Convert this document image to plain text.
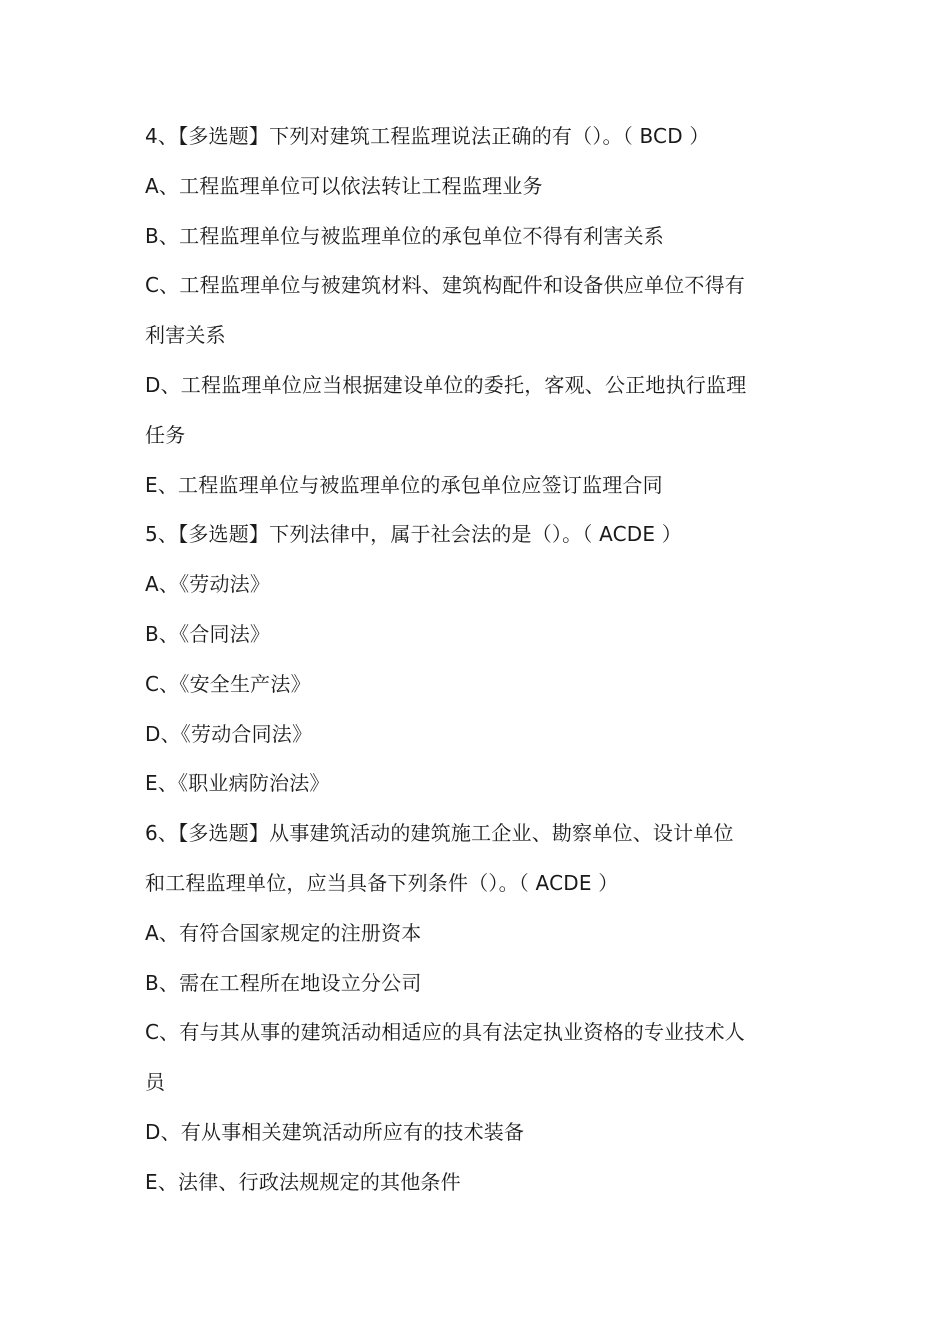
4、【多选题】下列对建筑工程监理说法正确的有（）。（ BCD ）
A、工程监理单位可以依法转让工程监理业务
B、工程监理单位与被监理单位的承包单位不得有利害关系
C、工程监理单位与被建筑材料、建筑构配件和设备供应单位不得有
利害关系
D、工程监理单位应当根据建设单位的委托，客观、公正地执行监理
任务
E、工程监理单位与被监理单位的承包单位应签订监理合同
5、【多选题】下列法律中，属于社会法的是（）。（ ACDE ）
A、《劳动法》
B、《合同法》
C、《安全生产法》
D、《劳动合同法》
E、《职业病防治法》
6、【多选题】从事建筑活动的建筑施工企业、勘察单位、设计单位
和工程监理单位，应当具备下列条件（）。（ ACDE ）
A、有符合国家规定的注册资本
B、需在工程所在地设立分公司
C、有与其从事的建筑活动相适应的具有法定执业资格的专业技术人
员
D、有从事相关建筑活动所应有的技术装备
E、法律、行政法规规定的其他条件
